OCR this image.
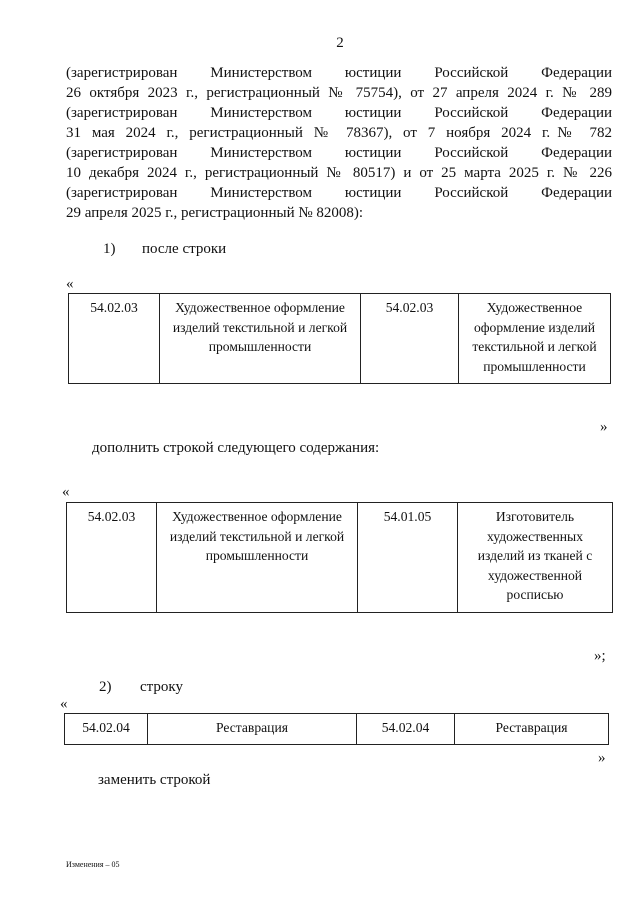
2
(зарегистрирован Министерством юстиции Российской Федерации
26 октября 2023 г., регистрационный № 75754), от 27 апреля 2024 г. № 289
(зарегистрирован Министерством юстиции Российской Федерации
31 мая 2024 г., регистрационный № 78367), от 7 ноября 2024 г.№ 782
(зарегистрирован Министерством юстиции Российской Федерации
10 декабря 2024 г., регистрационный № 80517) и от 25 марта 2025 г. № 226
(зарегистрирован Министерством юстиции Российской Федерации
29 апреля 2025 г., регистрационный № 82008):
1) после строки
«
54.02.03	Художественное оформление изделий текстильной и легкой промышленности	54.02.03	Художественное оформление изделий текстильной и легкой промышленности
»
дополнить строкой следующего содержания:
«
54.02.03	Художественное оформление изделий текстильной и легкой промышленности	54.01.05	Изготовитель художественных изделий из тканей с художественной росписью
»;
2) строку
«
54.02.04	Реставрация	54.02.04	Реставрация
»
заменить строкой
Изменения – 05
